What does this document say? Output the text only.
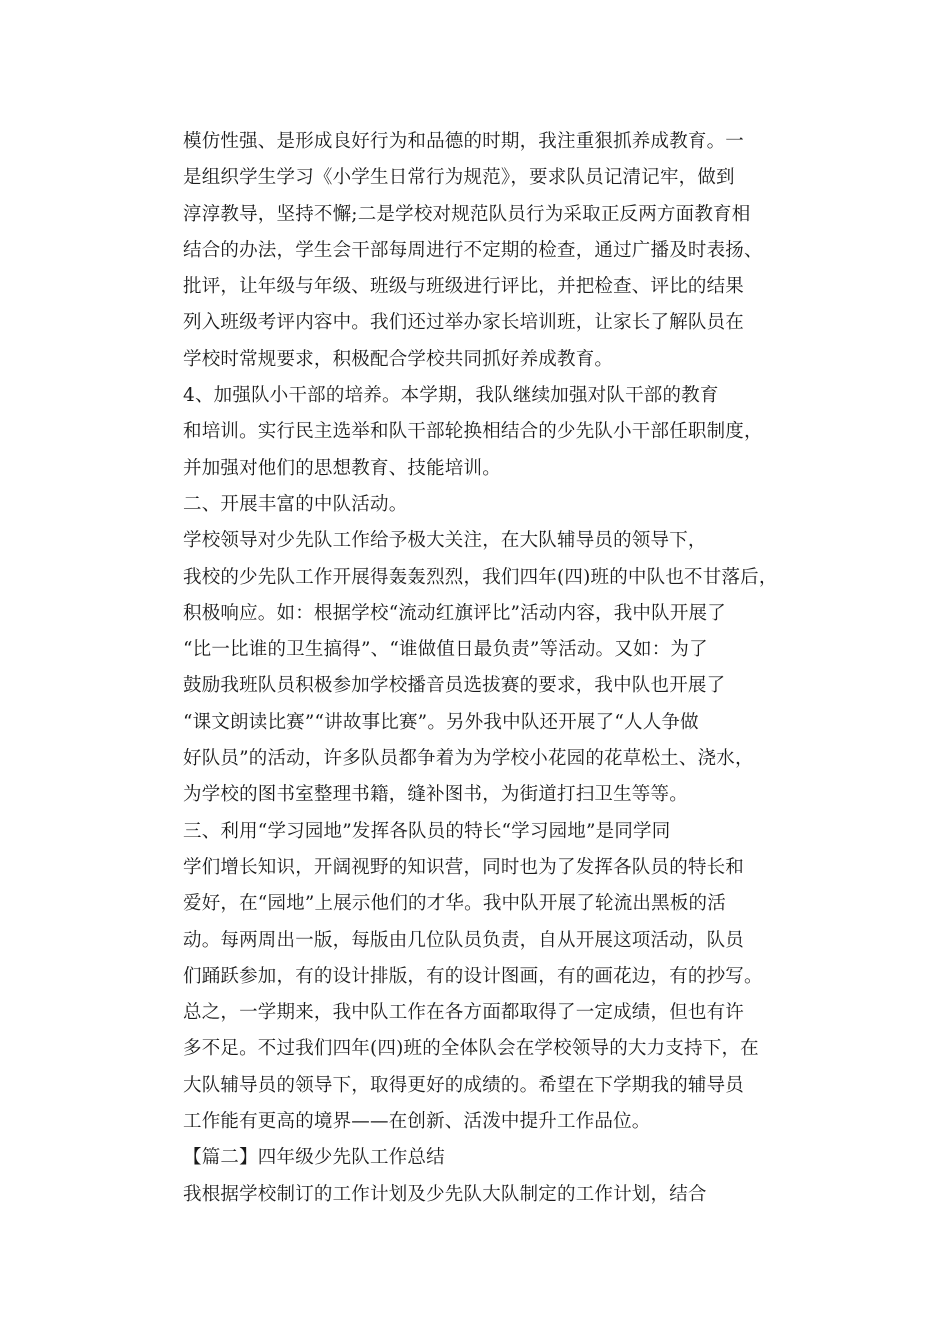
模仿性强、是形成良好行为和品德的时期，我注重狠抓养成教育。一
是组织学生学习《小学生日常行为规范》，要求队员记清记牢，做到
淳淳教导，坚持不懈;二是学校对规范队员行为采取正反两方面教育相
结合的办法，学生会干部每周进行不定期的检查，通过广播及时表扬、
批评，让年级与年级、班级与班级进行评比，并把检查、评比的结果
列入班级考评内容中。我们还过举办家长培训班，让家长了解队员在
学校时常规要求，积极配合学校共同抓好养成教育。
4、加强队小干部的培养。本学期，我队继续加强对队干部的教育
和培训。实行民主选举和队干部轮换相结合的少先队小干部任职制度，
并加强对他们的思想教育、技能培训。
二、开展丰富的中队活动。
学校领导对少先队工作给予极大关注，在大队辅导员的领导下，
我校的少先队工作开展得轰轰烈烈，我们四年(四)班的中队也不甘落后，
积极响应。如：根据学校“流动红旗评比”活动内容，我中队开展了
“比一比谁的卫生搞得”、“谁做值日最负责”等活动。又如：为了
鼓励我班队员积极参加学校播音员选拔赛的要求，我中队也开展了
“课文朗读比赛”“讲故事比赛”。另外我中队还开展了“人人争做
好队员”的活动，许多队员都争着为为学校小花园的花草松土、浇水，
为学校的图书室整理书籍，缝补图书，为街道打扫卫生等等。
三、利用“学习园地”发挥各队员的特长“学习园地”是同学同
学们增长知识，开阔视野的知识营，同时也为了发挥各队员的特长和
爱好，在“园地”上展示他们的才华。我中队开展了轮流出黑板的活
动。每两周出一版，每版由几位队员负责，自从开展这项活动，队员
们踊跃参加，有的设计排版，有的设计图画，有的画花边，有的抄写。
总之，一学期来，我中队工作在各方面都取得了一定成绩，但也有许
多不足。不过我们四年(四)班的全体队会在学校领导的大力支持下，在
大队辅导员的领导下，取得更好的成绩的。希望在下学期我的辅导员
工作能有更高的境界——在创新、活泼中提升工作品位。
【篇二】四年级少先队工作总结
我根据学校制订的工作计划及少先队大队制定的工作计划，结合
